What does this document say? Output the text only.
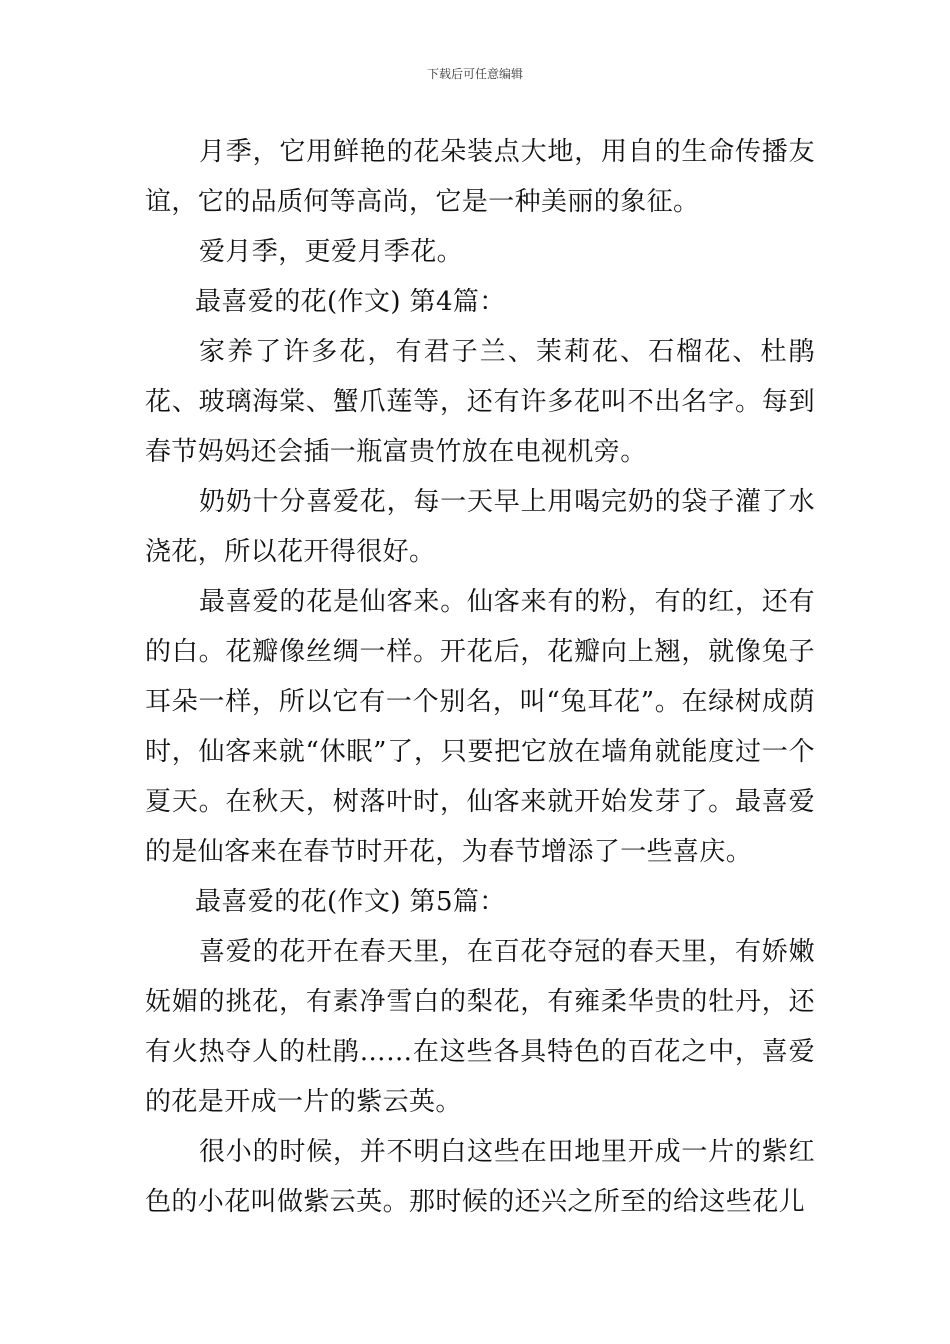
下载后可任意编辑

月季，它用鲜艳的花朵装点大地，用自的生命传播友谊，它的品质何等高尚，它是一种美丽的象征。

爱月季，更爱月季花。

最喜爱的花(作文) 第4篇：

家养了许多花，有君子兰、茉莉花、石榴花、杜鹃花、玻璃海棠、蟹爪莲等，还有许多花叫不出名字。每到春节妈妈还会插一瓶富贵竹放在电视机旁。

奶奶十分喜爱花，每一天早上用喝完奶的袋子灌了水浇花，所以花开得很好。

最喜爱的花是仙客来。仙客来有的粉，有的红，还有的白。花瓣像丝绸一样。开花后，花瓣向上翘，就像兔子耳朵一样，所以它有一个别名，叫“兔耳花”。在绿树成荫时，仙客来就“休眠”了，只要把它放在墙角就能度过一个夏天。在秋天，树落叶时，仙客来就开始发芽了。最喜爱的是仙客来在春节时开花，为春节增添了一些喜庆。

最喜爱的花(作文) 第5篇：

喜爱的花开在春天里，在百花夺冠的春天里，有娇嫩妩媚的挑花，有素净雪白的梨花，有雍柔华贵的牡丹，还有火热夺人的杜鹃……在这些各具特色的百花之中，喜爱的花是开成一片的紫云英。

很小的时候，并不明白这些在田地里开成一片的紫红色的小花叫做紫云英。那时候的还兴之所至的给这些花儿
